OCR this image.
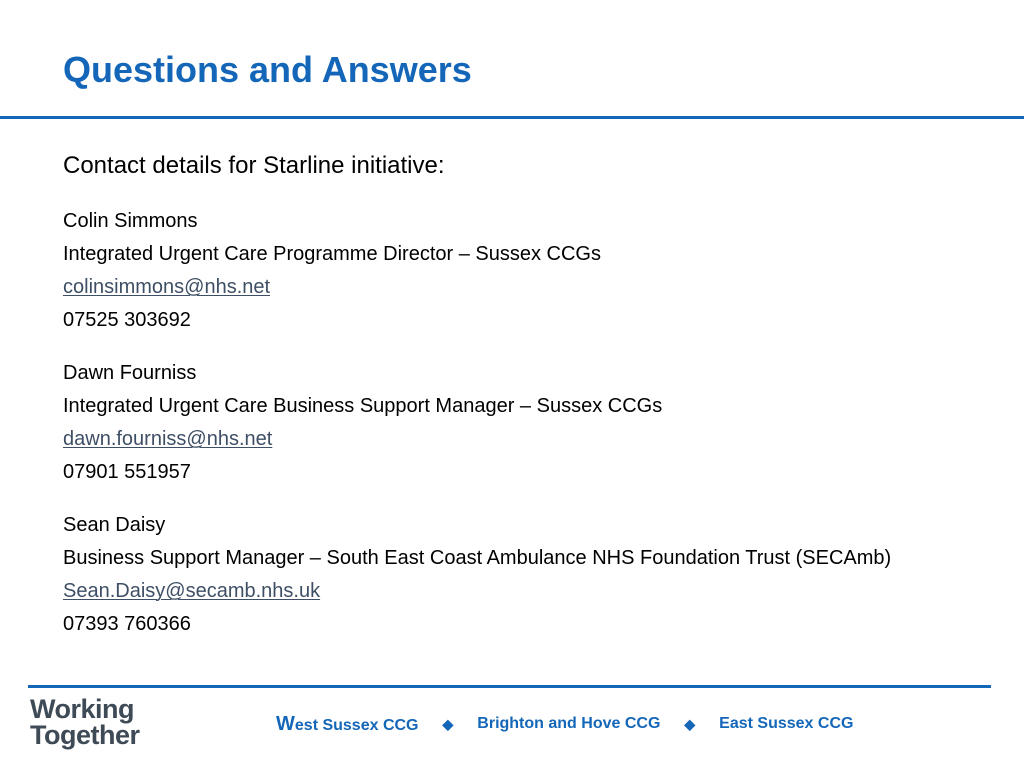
Questions and Answers

Contact details for Starline initiative:

Colin Simmons

Integrated Urgent Care Programme Director – Sussex CCGs

colinsimmons@nhs.net

07525 303692

Dawn Fourniss

Integrated Urgent Care Business Support Manager – Sussex CCGs

dawn.fourniss@nhs.net

07901 551957

Sean Daisy

Business Support Manager – South East Coast Ambulance NHS Foundation Trust (SECAmb)

Sean.Daisy@secamb.nhs.uk

07393 760366

Working
Together	West Sussex CCG ◆ Brighton and Hove CCG ◆ East Sussex CCG
